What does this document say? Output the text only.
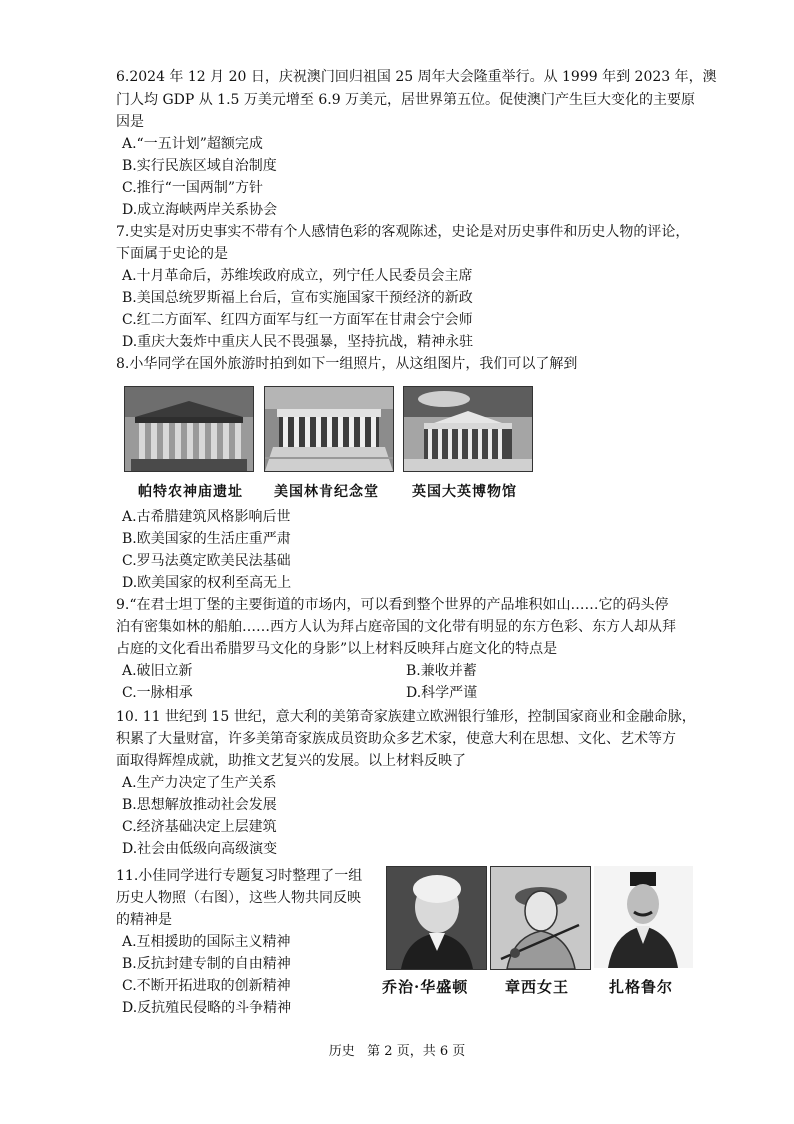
6.2024 年 12 月 20 日，庆祝澳门回归祖国 25 周年大会隆重举行。从 1999 年到 2023 年，澳
门人均 GDP 从 1.5 万美元增至 6.9 万美元，居世界第五位。促使澳门产生巨大变化的主要原
因是
A.“一五计划”超额完成
B.实行民族区域自治制度
C.推行“一国两制”方针
D.成立海峡两岸关系协会
7.史实是对历史事实不带有个人感情色彩的客观陈述，史论是对历史事件和历史人物的评论，
下面属于史论的是
A.十月革命后，苏维埃政府成立，列宁任人民委员会主席
B.美国总统罗斯福上台后，宣布实施国家干预经济的新政
C.红二方面军、红四方面军与红一方面军在甘肃会宁会师
D.重庆大轰炸中重庆人民不畏强暴，坚持抗战，精神永驻
8.小华同学在国外旅游时拍到如下一组照片，从这组图片，我们可以了解到
帕特农神庙遗址 美国林肯纪念堂 英国大英博物馆
A.古希腊建筑风格影响后世
B.欧美国家的生活庄重严肃
C.罗马法奠定欧美民法基础
D.欧美国家的权利至高无上
9.“在君士坦丁堡的主要街道的市场内，可以看到整个世界的产品堆积如山……它的码头停
泊有密集如林的船舶……西方人认为拜占庭帝国的文化带有明显的东方色彩、东方人却从拜
占庭的文化看出希腊罗马文化的身影”以上材料反映拜占庭文化的特点是
A.破旧立新	B.兼收并蓄
C.一脉相承	D.科学严谨
10. 11 世纪到 15 世纪，意大利的美第奇家族建立欧洲银行雏形，控制国家商业和金融命脉，
积累了大量财富，许多美第奇家族成员资助众多艺术家，使意大利在思想、文化、艺术等方
面取得辉煌成就，助推文艺复兴的发展。以上材料反映了
A.生产力决定了生产关系
B.思想解放推动社会发展
C.经济基础决定上层建筑
D.社会由低级向高级演变
11.小佳同学进行专题复习时整理了一组
历史人物照（右图），这些人物共同反映
的精神是
A.互相援助的国际主义精神
B.反抗封建专制的自由精神
C.不断开拓进取的创新精神
D.反抗殖民侵略的斗争精神
乔治·华盛顿 章西女王	扎格鲁尔
历史   第 2 页，共 6 页
